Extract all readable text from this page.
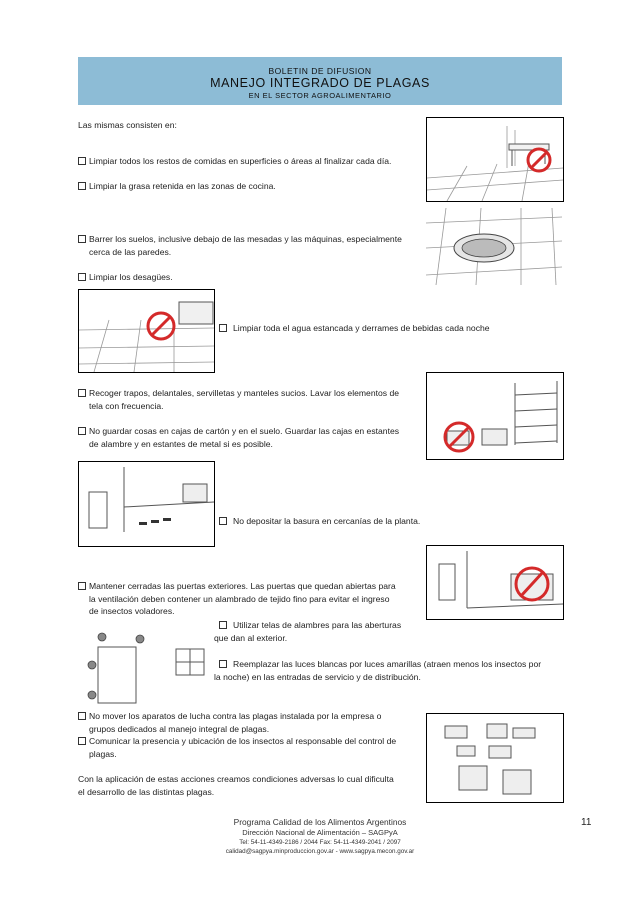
BOLETIN DE DIFUSION
MANEJO INTEGRADO DE PLAGAS
EN EL SECTOR AGROALIMENTARIO
Las mismas consisten en:
Limpiar todos los restos de comidas en superficies o áreas al finalizar cada día.
Limpiar la grasa retenida en las zonas de cocina.
Barrer los suelos, inclusive debajo de las mesadas y las máquinas, especialmente
cerca de las paredes.
Limpiar los desagües.
Limpiar toda el agua estancada y derrames de bebidas cada noche
Recoger trapos, delantales, servilletas y manteles sucios. Lavar los elementos de
tela con frecuencia.
No guardar cosas en cajas de cartón y en el suelo. Guardar las cajas en estantes
de alambre y en estantes de metal si es posible.
No depositar la basura en cercanías de la planta.
Mantener cerradas las puertas exteriores. Las puertas que quedan abiertas para
la ventilación deben contener un alambrado de tejido fino para evitar el ingreso
de insectos voladores.
Utilizar telas de alambres para las aberturas
que dan al exterior.
Reemplazar las luces blancas por luces amarillas (atraen menos los insectos por
la noche) en las entradas de servicio y de distribución.
No mover los aparatos de lucha contra las plagas instalada por la empresa o
grupos dedicados al manejo integral de plagas.
Comunicar la presencia y ubicación de los insectos al responsable del control de
plagas.
Con la aplicación de estas acciones creamos condiciones adversas lo cual dificulta
el desarrollo de las distintas plagas.
Programa Calidad de los Alimentos Argentinos
Dirección Nacional de Alimentación – SAGPyA
Tel: 54-11-4349-2186 / 2044 Fax: 54-11-4349-2041 / 2097
calidad@sagpya.minproduccion.gov.ar - www.sagpya.mecon.gov.ar
11
